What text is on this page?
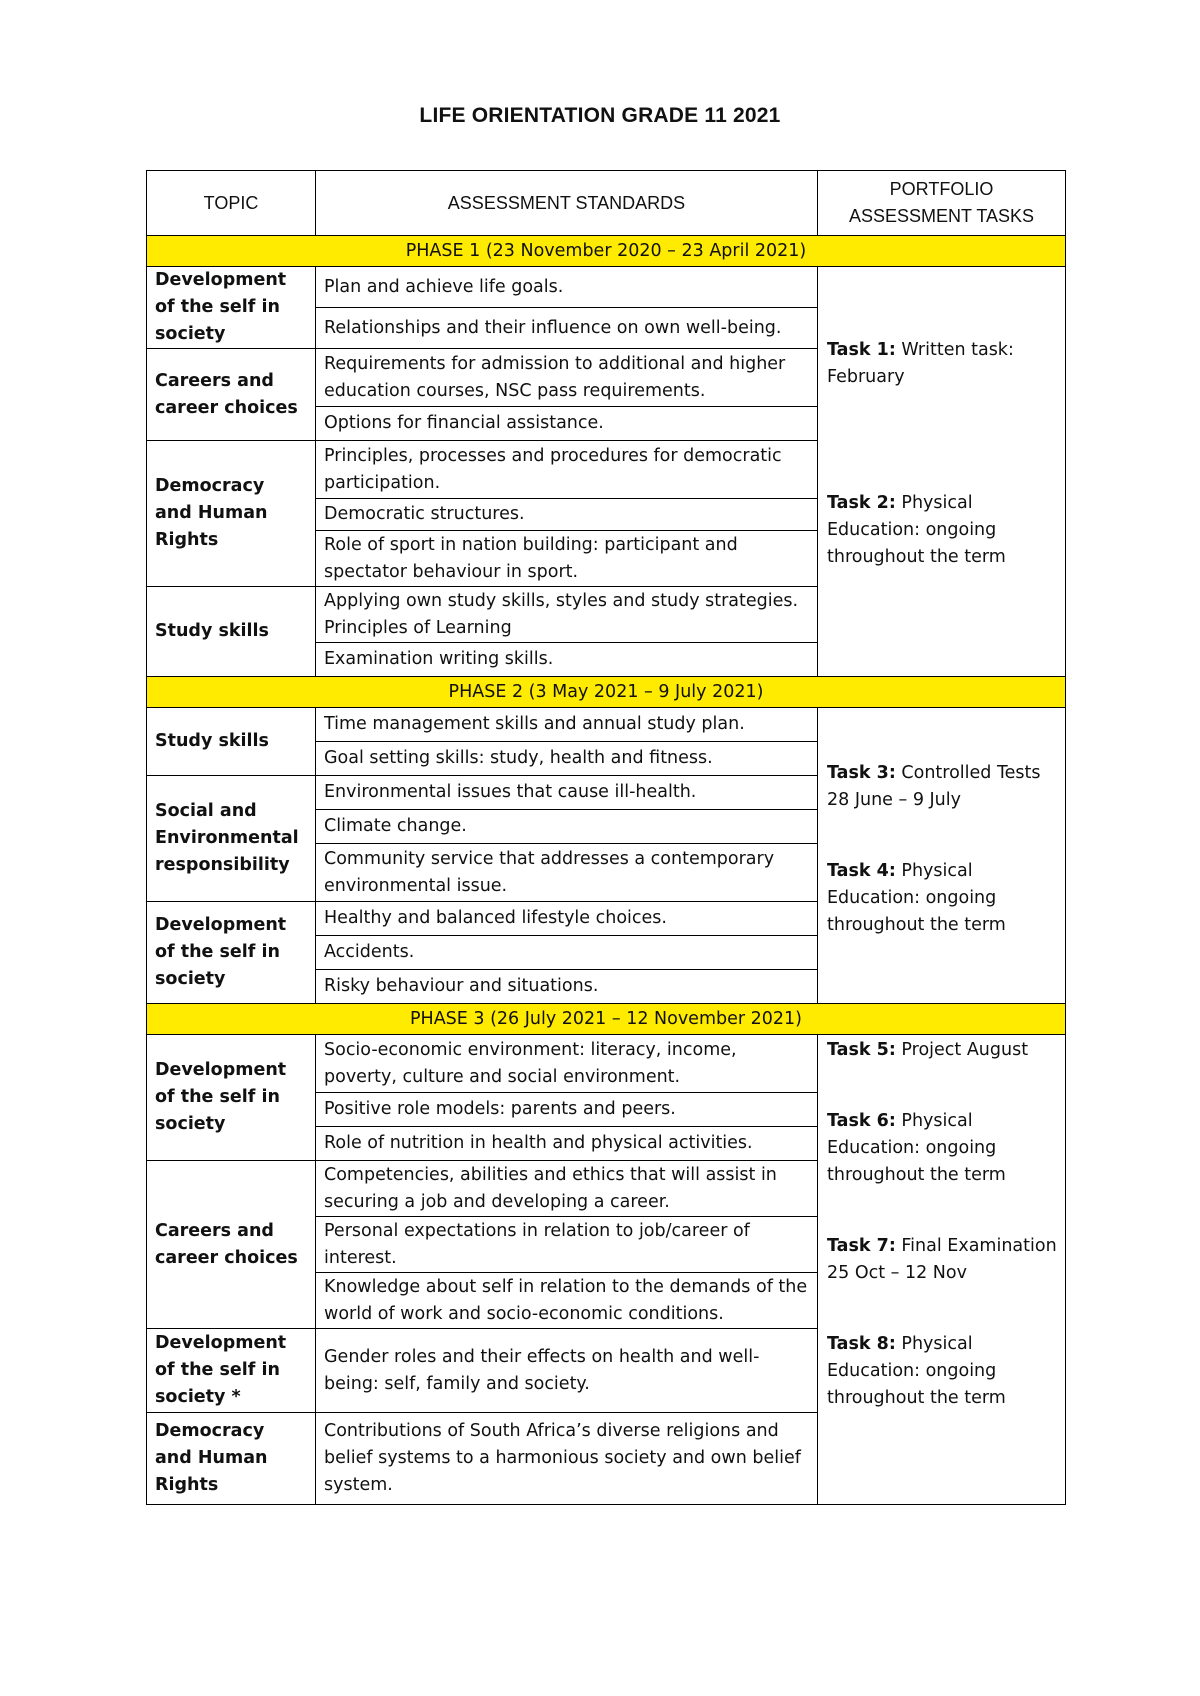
LIFE ORIENTATION GRADE 11 2021
TOPIC	ASSESSMENT STANDARDS	PORTFOLIO
ASSESSMENT TASKS

PHASE 1 (23 November 2020 – 23 April 2021)		
Development of the self in society	Plan and achieve life goals.	Task 1: Written task: February
Task 2: Physical Education: ongoing throughout the term

	Relationships and their influence on own well-being.	
Careers and career choices	Requirements for admission to additional and higher education courses, NSC pass requirements.	
	Options for financial assistance.	
Democracy and Human Rights	Principles, processes and procedures for democratic participation.	
	Democratic structures.	
	Role of sport in nation building: participant and spectator behaviour in sport.	
Study skills	Applying own study skills, styles and study strategies. Principles of Learning	
	Examination writing skills.	
PHASE 2 (3 May 2021 – 9 July 2021)		
Study skills	Time management skills and annual study plan.	Task 3: Controlled Tests 28 June – 9 July
Task 4: Physical Education: ongoing throughout the term

	Goal setting skills: study, health and fitness.	
Social and Environmental responsibility	Environmental issues that cause ill-health.	
	Climate change.	
	Community service that addresses a contemporary environmental issue.	
Development of the self in society	Healthy and balanced lifestyle choices.	
	Accidents.	
	Risky behaviour and situations.	
PHASE 3 (26 July 2021 – 12 November 2021)		
Development of the self in society	Socio-economic environment: literacy, income, poverty, culture and social environment.	Task 5: Project August
Task 6: Physical Education: ongoing throughout the term
Task 7: Final Examination 25 Oct – 12 Nov
Task 8: Physical Education: ongoing throughout the term

	Positive role models: parents and peers.	
	Role of nutrition in health and physical activities.	
Careers and career choices	Competencies, abilities and ethics that will assist in securing a job and developing a career.	
	Personal expectations in relation to job/career of interest.	
	Knowledge about self in relation to the demands of the world of work and socio-economic conditions.	
Development of the self in society *	Gender roles and their effects on health and well-being: self, family and society.	
Democracy and Human Rights	Contributions of South Africa’s diverse religions and belief systems to a harmonious society and own belief system.	
